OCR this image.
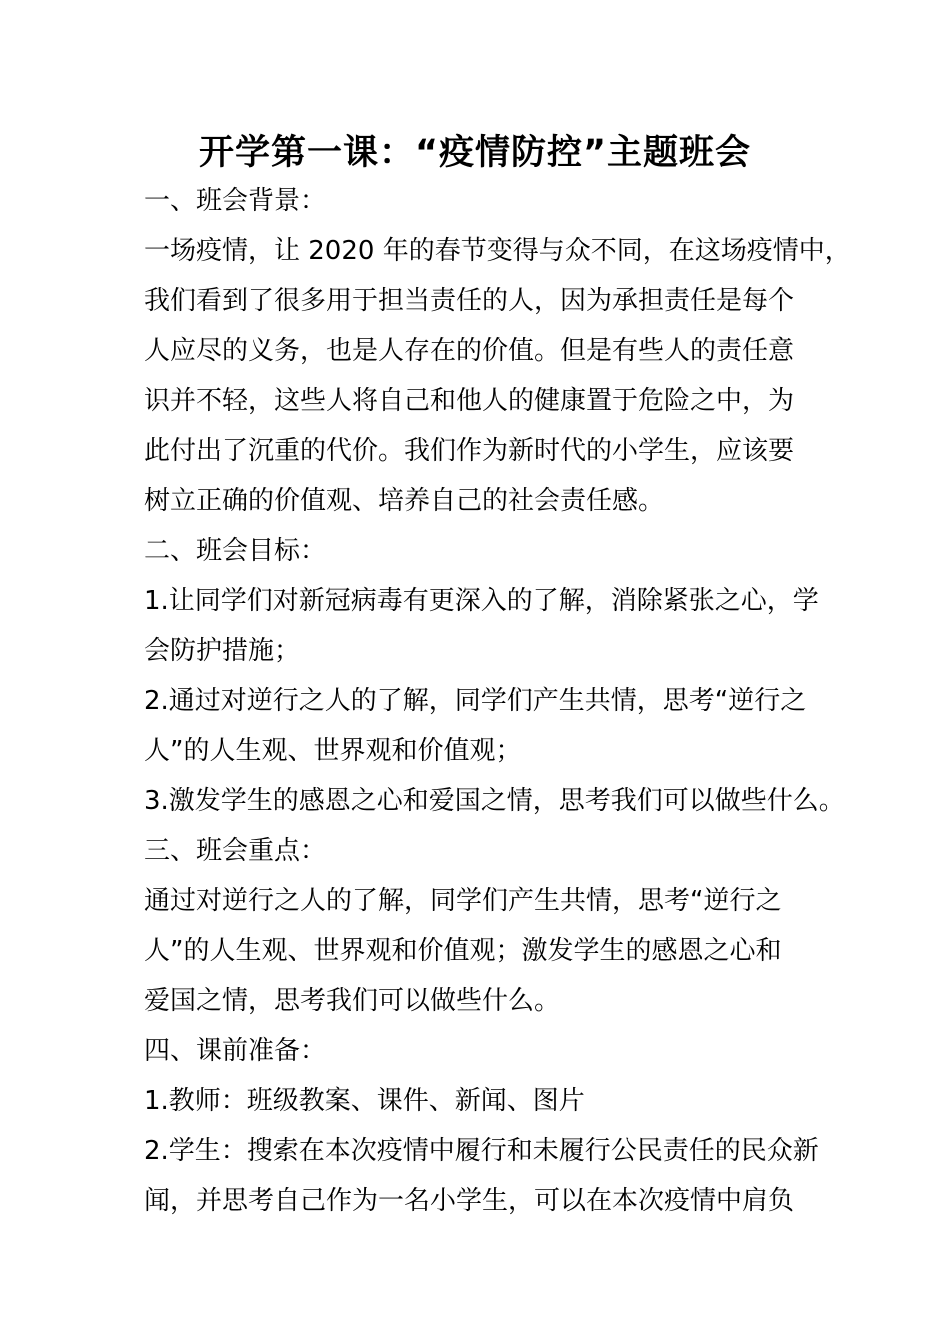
开学第一课：“疫情防控”主题班会
一、班会背景：
一场疫情，让 2020 年的春节变得与众不同，在这场疫情中，
我们看到了很多用于担当责任的人，因为承担责任是每个
人应尽的义务，也是人存在的价值。但是有些人的责任意
识并不轻，这些人将自己和他人的健康置于危险之中，为
此付出了沉重的代价。我们作为新时代的小学生，应该要
树立正确的价值观、培养自己的社会责任感。
二、班会目标：
1.让同学们对新冠病毒有更深入的了解，消除紧张之心，学
会防护措施；
2.通过对逆行之人的了解，同学们产生共情，思考“逆行之
人”的人生观、世界观和价值观；
3.激发学生的感恩之心和爱国之情，思考我们可以做些什么。
三、班会重点：
通过对逆行之人的了解，同学们产生共情，思考“逆行之
人”的人生观、世界观和价值观；激发学生的感恩之心和
爱国之情，思考我们可以做些什么。
四、课前准备：
1.教师：班级教案、课件、新闻、图片
2.学生：搜索在本次疫情中履行和未履行公民责任的民众新
闻，并思考自己作为一名小学生，可以在本次疫情中肩负
